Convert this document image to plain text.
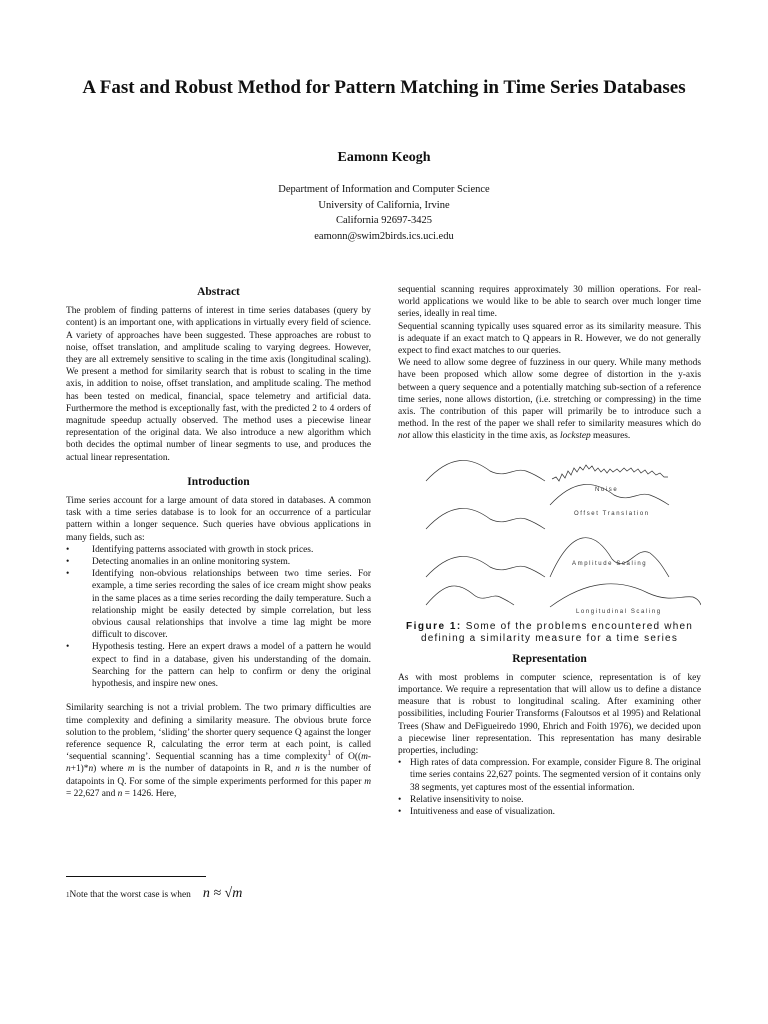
A Fast and Robust Method for Pattern Matching in Time Series Databases
Eamonn Keogh
Department of Information and Computer Science
University of California, Irvine
California 92697-3425
eamonn@swim2birds.ics.uci.edu
Abstract

The problem of finding patterns of interest in time series databases (query by content) is an important one, with applications in virtually every field of science. A variety of approaches have been suggested. These approaches are robust to noise, offset translation, and amplitude scaling to varying degrees. However, they are all extremely sensitive to scaling in the time axis (longitudinal scaling). We present a method for similarity search that is robust to scaling in the time axis, in addition to noise, offset translation, and amplitude scaling. The method has been tested on medical, financial, space telemetry and artificial data. Furthermore the method is exceptionally fast, with the predicted 2 to 4 orders of magnitude speedup actually observed. The method uses a piecewise linear representation of the original data. We also introduce a new algorithm which both decides the optimal number of linear segments to use, and produces the actual linear representation.

Introduction

Time series account for a large amount of data stored in databases. A common task with a time series database is to look for an occurrence of a particular pattern within a longer sequence. Such queries have obvious applications in many fields, such as:

• Identifying patterns associated with growth in stock prices.
• Detecting anomalies in an online monitoring system.
• Identifying non-obvious relationships between two time series. For example, a time series recording the sales of ice cream might show peaks in the same places as a time series recording the daily temperature. Such a relationship might be easily detected by simple correlation, but less obvious causal relationships that involve a time lag might be more difficult to discover.
• Hypothesis testing. Here an expert draws a model of a pattern he would expect to find in a database, given his understanding of the domain. Searching for the pattern can help to confirm or deny the original hypothesis, and inspire new ones.

Similarity searching is not a trivial problem. The two primary difficulties are time complexity and defining a similarity measure. The obvious brute force solution to the problem, ‘sliding’ the shorter query sequence Q against the longer reference sequence R, calculating the error term at each point, is called ‘sequential scanning’. Sequential scanning has a time complexity$^1$ of O((m-n+1)*n) where m is the number of datapoints in R, and n is the number of datapoints in Q. For some of the simple experiments performed for this paper m = 22,627 and n = 1426. Here,

1 Note that the worst case is when n ≈ √m

sequential scanning requires approximately 30 million operations. For real-world applications we would like to be able to search over much longer time series, ideally in real time.

Sequential scanning typically uses squared error as its similarity measure. This is adequate if an exact match to Q appears in R. However, we do not generally expect to find exact matches to our queries.

We need to allow some degree of fuzziness in our query. While many methods have been proposed which allow some degree of distortion in the y-axis between a query sequence and a potentially matching sub-section of a reference time series, none allows distortion, (i.e. stretching or compressing) in the time axis. The contribution of this paper will primarily be to introduce such a method. In the rest of the paper we shall refer to similarity measures which do not allow this elasticity in the time axis, as lockstep measures.

Noise
Offset Translation
Amplitude Scaling
Longitudinal Scaling
Figure 1: Some of the problems encountered when defining a similarity measure for a time series
Representation

As with most problems in computer science, representation is of key importance. We require a representation that will allow us to define a distance measure that is robust to longitudinal scaling. After examining other possibilities, including Fourier Transforms (Faloutsos et al 1995) and Relational Trees (Shaw and DeFigueiredo 1990, Ehrich and Foith 1976), we decided upon a piecewise liner representation. This representation has many desirable properties, including:

• High rates of data compression. For example, consider Figure 8. The original time series contains 22,627 points. The segmented version of it contains only 38 segments, yet captures most of the essential information.
• Relative insensitivity to noise.
• Intuitiveness and ease of visualization.
